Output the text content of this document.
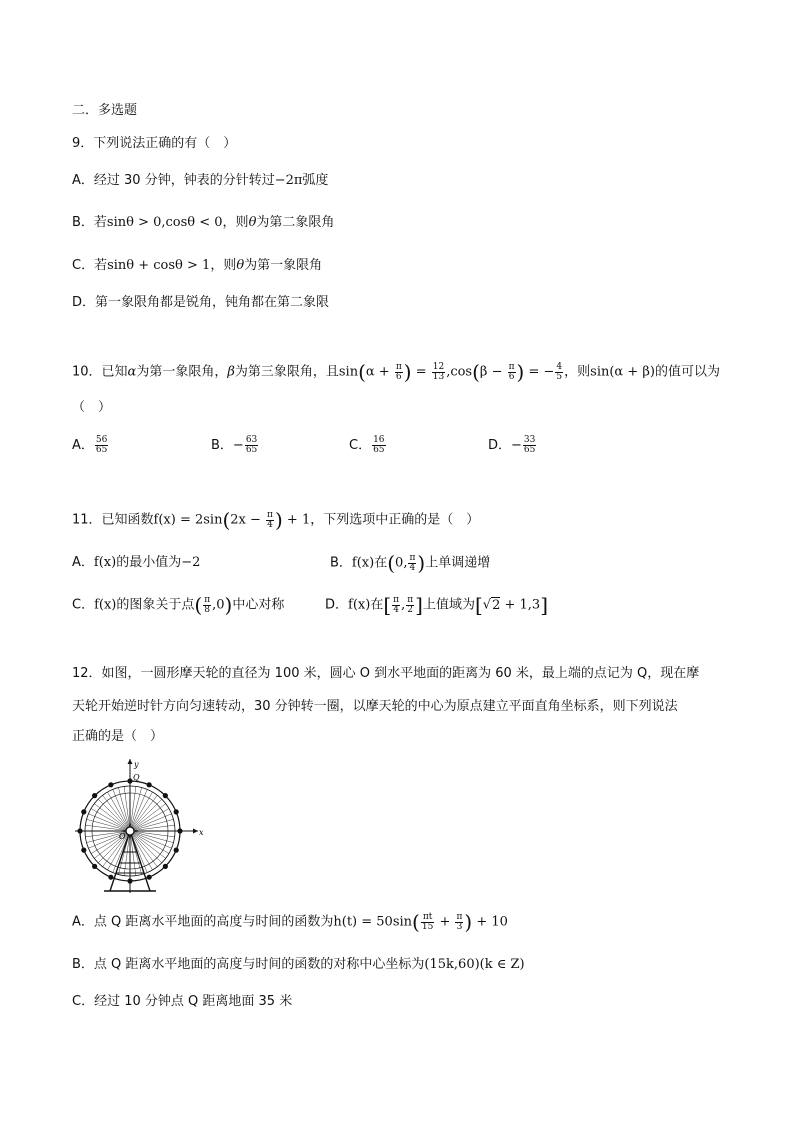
二．多选题
9．下列说法正确的有（　）
A．经过 30 分钟，钟表的分针转过−2π弧度
B．若sinθ > 0,cosθ < 0，则θ为第二象限角
C．若sinθ + cosθ > 1，则θ为第一象限角
D．第一象限角都是锐角，钝角都在第二象限
10．已知α为第一象限角，β为第三象限角，且$\sin(\alpha + \frac{\pi}{6}$ ) = $\frac{12}{13} ,\cos(\beta - \frac{\pi}{6}$ ) = − $\frac{4}{5}$ ，则sin(α + β)的值可以为
（　）
A． $\frac{56}{65}$	B．− $\frac{63}{65}$	C． $\frac{16}{65}$	D．− $\frac{33}{65}$
11．已知函数$f(x) = 2\sin(2x - \frac{\pi}{4}$ ) + 1，下列选项中正确的是（　）
A．f(x)的最小值为−2	B．f(x)在(0, $\frac{\pi}{4}$ )上单调递增
C．f(x)的图象关于点( $\frac{\pi}{8} ,0$)中心对称	D．f(x)在[ $\frac{\pi}{4}$ , $\frac{\pi}{2}$ ]上值域为[√2 + 1,3]
12．如图，一圆形摩天轮的直径为 100 米，圆心 O 到水平地面的距离为 60 米，最上端的点记为 Q，现在摩
天轮开始逆时针方向匀速转动，30 分钟转一圈，以摩天轮的中心为原点建立平面直角坐标系，则下列说法
正确的是（　）
y
x
Q
O
A．点 Q 距离水平地面的高度与时间的函数为$h(t) = 50\sin( \frac{\pi t}{15} + \frac{\pi}{3}$ ) + 10
B．点 Q 距离水平地面的高度与时间的函数的对称中心坐标为(15k,60)(k ∈ Z)
C．经过 10 分钟点 Q 距离地面 35 米
